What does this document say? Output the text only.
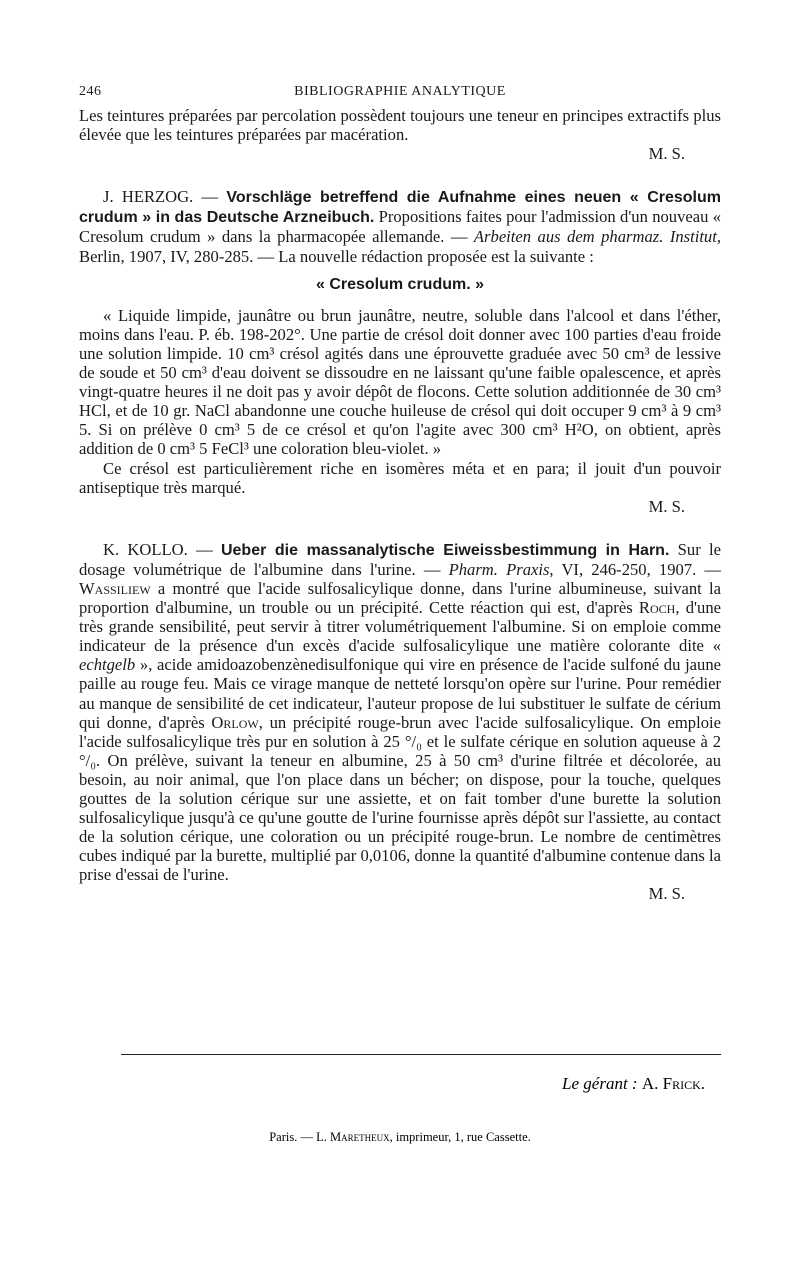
246	BIBLIOGRAPHIE ANALYTIQUE

Les teintures préparées par percolation possèdent toujours une teneur en principes extractifs plus élevée que les teintures préparées par macération.

M. S.

J. HERZOG. — Vorschläge betreffend die Aufnahme eines neuen « Cresolum crudum » in das Deutsche Arzneibuch. Propositions faites pour l'admission d'un nouveau « Cresolum crudum » dans la pharmacopée allemande. — Arbeiten aus dem pharmaz. Institut, Berlin, 1907, IV, 280-285. — La nouvelle rédaction proposée est la suivante :

« Cresolum crudum. »

« Liquide limpide, jaunâtre ou brun jaunâtre, neutre, soluble dans l'alcool et dans l'éther, moins dans l'eau. P. éb. 198-202°. Une partie de crésol doit donner avec 100 parties d'eau froide une solution limpide. 10 cm³ crésol agités dans une éprouvette graduée avec 50 cm³ de lessive de soude et 50 cm³ d'eau doivent se dissoudre en ne laissant qu'une faible opalescence, et après vingt-quatre heures il ne doit pas y avoir dépôt de flocons. Cette solution additionnée de 30 cm³ HCl, et de 10 gr. NaCl abandonne une couche huileuse de crésol qui doit occuper 9 cm³ à 9 cm³ 5. Si on prélève 0 cm³ 5 de ce crésol et qu'on l'agite avec 300 cm³ H²O, on obtient, après addition de 0 cm³ 5 FeCl³ une coloration bleu-violet. »

Ce crésol est particulièrement riche en isomères méta et en para; il jouit d'un pouvoir antiseptique très marqué.

M. S.

K. KOLLO. — Ueber die massanalytische Eiweissbestimmung in Harn. Sur le dosage volumétrique de l'albumine dans l'urine. — Pharm. Praxis, VI, 246-250, 1907. — Wassiliew a montré que l'acide sulfosalicylique donne, dans l'urine albumineuse, suivant la proportion d'albumine, un trouble ou un précipité. Cette réaction qui est, d'après Roch, d'une très grande sensibilité, peut servir à titrer volumétriquement l'albumine. Si on emploie comme indicateur de la présence d'un excès d'acide sulfosalicylique une matière colorante dite « echtgelb », acide amidoazobenzènedisulfonique qui vire en présence de l'acide sulfoné du jaune paille au rouge feu. Mais ce virage manque de netteté lorsqu'on opère sur l'urine. Pour remédier au manque de sensibilité de cet indicateur, l'auteur propose de lui substituer le sulfate de cérium qui donne, d'après Orlow, un précipité rouge-brun avec l'acide sulfosalicylique. On emploie l'acide sulfosalicylique très pur en solution à 25 °/₀ et le sulfate cérique en solution aqueuse à 2 °/₀. On prélève, suivant la teneur en albumine, 25 à 50 cm³ d'urine filtrée et décolorée, au besoin, au noir animal, que l'on place dans un bécher; on dispose, pour la touche, quelques gouttes de la solution cérique sur une assiette, et on fait tomber d'une burette la solution sulfosalicylique jusqu'à ce qu'une goutte de l'urine fournisse après dépôt sur l'assiette, au contact de la solution cérique, une coloration ou un précipité rouge-brun. Le nombre de centimètres cubes indiqué par la burette, multiplié par 0,0106, donne la quantité d'albumine contenue dans la prise d'essai de l'urine.

M. S.

Le gérant : A. Frick.
Paris. — L. Maretheux, imprimeur, 1, rue Cassette.
